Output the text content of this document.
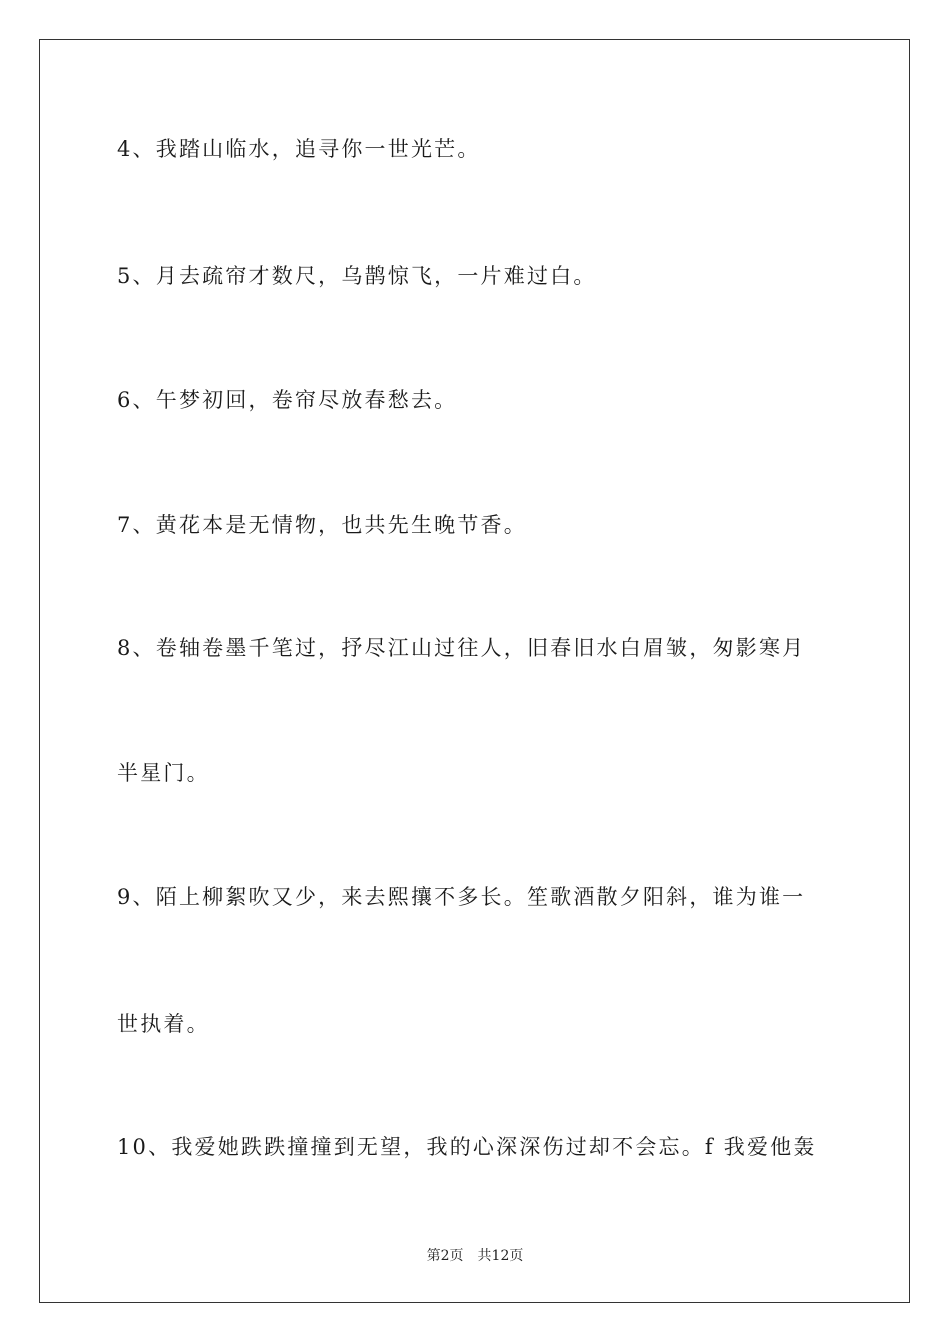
4、我踏山临水，追寻你一世光芒。
5、月去疏帘才数尺，乌鹊惊飞，一片难过白。
6、午梦初回，卷帘尽放春愁去。
7、黄花本是无情物，也共先生晚节香。
8、卷轴卷墨千笔过，抒尽江山过往人，旧春旧水白眉皱，匆影寒月
半星门。
9、陌上柳絮吹又少，来去熙攘不多长。笙歌酒散夕阳斜，谁为谁一
世执着。
10、我爱她跌跌撞撞到无望，我的心深深伤过却不会忘。f 我爱他轰
第2页 共12页
